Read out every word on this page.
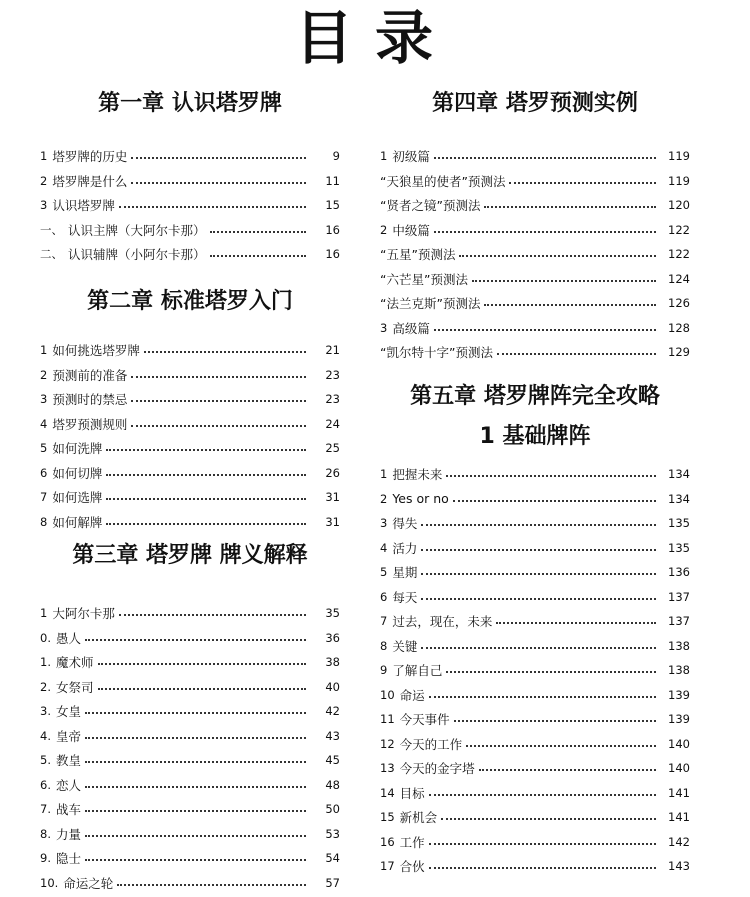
目录
第一章 认识塔罗牌
1 塔罗牌的历史	9
2 塔罗牌是什么	11
3 认识塔罗牌	15
一、 认识主牌（大阿尔卡那）	16
二、 认识辅牌（小阿尔卡那）	16
第二章 标准塔罗入门
1 如何挑选塔罗牌	21
2 预测前的准备	23
3 预测时的禁忌	23
4 塔罗预测规则	24
5 如何洗牌	25
6 如何切牌	26
7 如何选牌	31
8 如何解牌	31
第三章 塔罗牌 牌义解释
1 大阿尔卡那	35
0. 愚人	36
1. 魔术师	38
2. 女祭司	40
3. 女皇	42
4. 皇帝	43
5. 教皇	45
6. 恋人	48
7. 战车	50
8. 力量	53
9. 隐士	54
10. 命运之轮	57
第四章 塔罗预测实例
1 初级篇	119
“天狼星的使者”预测法	119
“贤者之镜”预测法	120
2 中级篇	122
“五星”预测法	122
“六芒星”预测法	124
“法兰克斯”预测法	126
3 高级篇	128
“凯尔特十字”预测法	129
第五章 塔罗牌阵完全攻略
1 基础牌阵
1 把握未来	134
2 Yes or no	134
3 得失	135
4 活力	135
5 星期	136
6 每天	137
7 过去，现在，未来	137
8 关键	138
9 了解自己	138
10 命运	139
11 今天事件	139
12 今天的工作	140
13 今天的金字塔	140
14 目标	141
15 新机会	141
16 工作	142
17 合伙	143
